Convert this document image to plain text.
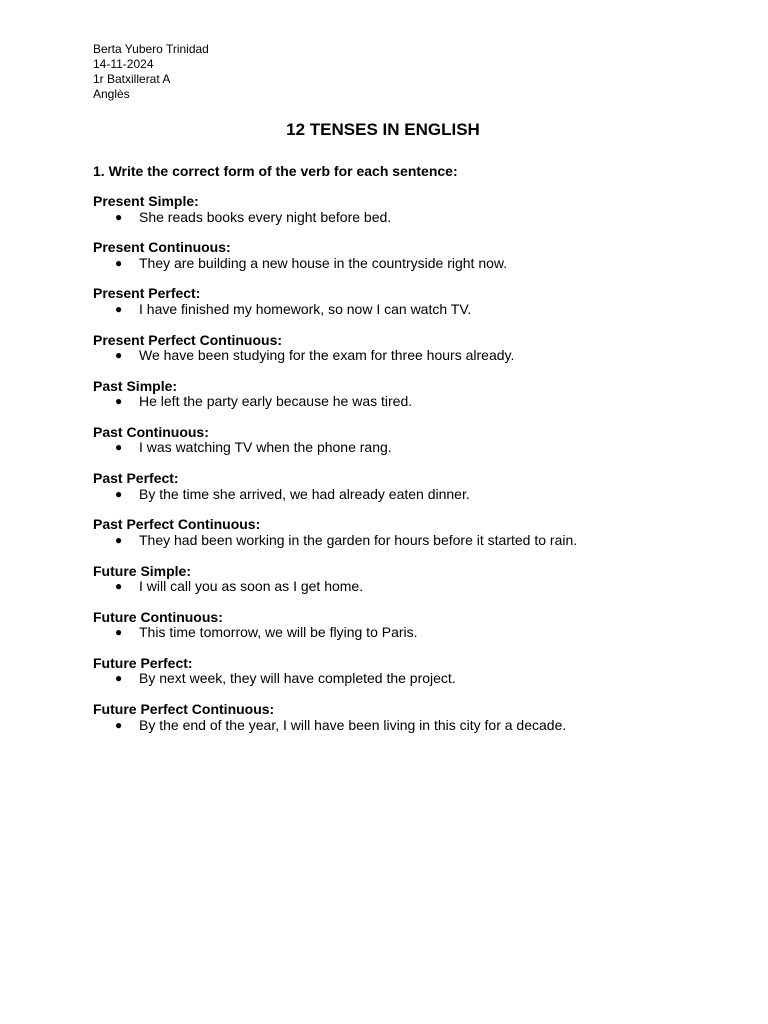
Berta Yubero Trinidad
14-11-2024
1r Batxillerat A
Anglès
12 TENSES IN ENGLISH

1. Write the correct form of the verb for each sentence:

Present Simple:
● She reads books every night before bed.
Present Continuous:
● They are building a new house in the countryside right now.
Present Perfect:
● I have finished my homework, so now I can watch TV.
Present Perfect Continuous:
● We have been studying for the exam for three hours already.
Past Simple:
● He left the party early because he was tired.
Past Continuous:
● I was watching TV when the phone rang.
Past Perfect:
● By the time she arrived, we had already eaten dinner.
Past Perfect Continuous:
● They had been working in the garden for hours before it started to rain.
Future Simple:
● I will call you as soon as I get home.
Future Continuous:
● This time tomorrow, we will be flying to Paris.
Future Perfect:
● By next week, they will have completed the project.
Future Perfect Continuous:
● By the end of the year, I will have been living in this city for a decade.
